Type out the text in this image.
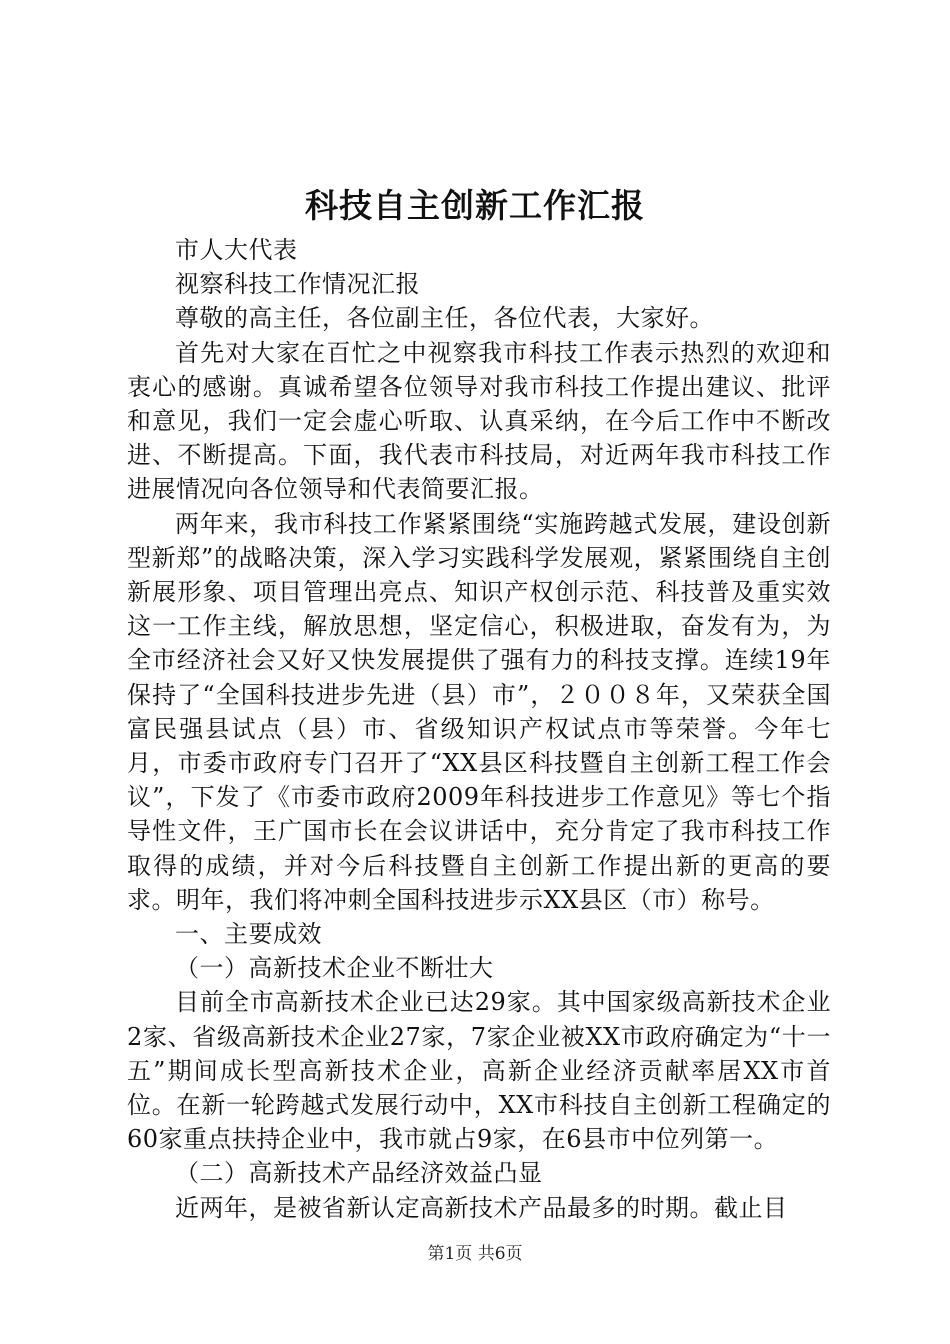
科技自主创新工作汇报

市人大代表

视察科技工作情况汇报

尊敬的高主任，各位副主任，各位代表，大家好。

首先对大家在百忙之中视察我市科技工作表示热烈的欢迎和衷心的感谢。真诚希望各位领导对我市科技工作提出建议、批评和意见，我们一定会虚心听取、认真采纳，在今后工作中不断改进、不断提高。下面，我代表市科技局，对近两年我市科技工作进展情况向各位领导和代表简要汇报。

两年来，我市科技工作紧紧围绕“实施跨越式发展，建设创新型新郑”的战略决策，深入学习实践科学发展观，紧紧围绕自主创新展形象、项目管理出亮点、知识产权创示范、科技普及重实效这一工作主线，解放思想，坚定信心，积极进取，奋发有为，为全市经济社会又好又快发展提供了强有力的科技支撑。连续19年保持了“全国科技进步先进（县）市”，２００８年，又荣获全国富民强县试点（县）市、省级知识产权试点市等荣誉。今年七月，市委市政府专门召开了“XX县区科技暨自主创新工程工作会议”，下发了《市委市政府2009年科技进步工作意见》等七个指导性文件，王广国市长在会议讲话中，充分肯定了我市科技工作取得的成绩，并对今后科技暨自主创新工作提出新的更高的要求。明年，我们将冲刺全国科技进步示XX县区（市）称号。

一、主要成效

（一）高新技术企业不断壮大

目前全市高新技术企业已达29家。其中国家级高新技术企业2家、省级高新技术企业27家，7家企业被XX市政府确定为“十一五”期间成长型高新技术企业，高新企业经济贡献率居XX市首位。在新一轮跨越式发展行动中，XX市科技自主创新工程确定的60家重点扶持企业中，我市就占9家，在6县市中位列第一。

（二）高新技术产品经济效益凸显

近两年，是被省新认定高新技术产品最多的时期。截止目

第1页 共6页
